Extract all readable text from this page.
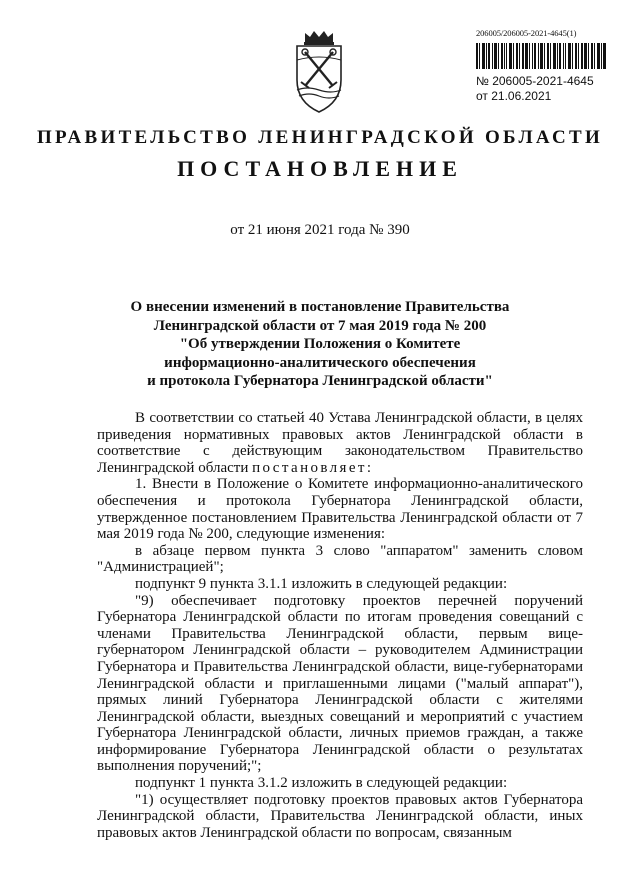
206005/206005-2021-4645(1)
№ 206005-2021-4645
от 21.06.2021
ПРАВИТЕЛЬСТВО ЛЕНИНГРАДСКОЙ ОБЛАСТИ
ПОСТАНОВЛЕНИЕ
от 21 июня 2021 года № 390
О внесении изменений в постановление Правительства
Ленинградской области от 7 мая 2019 года № 200
"Об утверждении Положения о Комитете
информационно-аналитического обеспечения
и протокола Губернатора Ленинградской области"

В соответствии со статьей 40 Устава Ленинградской области, в целях приведения нормативных правовых актов Ленинградской области в соответствие с действующим законодательством Правительство Ленинградской области постановляет:

1. Внести в Положение о Комитете информационно-аналитического обеспечения и протокола Губернатора Ленинградской области, утвержденное постановлением Правительства Ленинградской области от 7 мая 2019 года № 200, следующие изменения:

в абзаце первом пункта 3 слово "аппаратом" заменить словом "Администрацией";

подпункт 9 пункта 3.1.1 изложить в следующей редакции:

"9) обеспечивает подготовку проектов перечней поручений Губернатора Ленинградской области по итогам проведения совещаний с членами Правительства Ленинградской области, первым вице-губернатором Ленинградской области – руководителем Администрации Губернатора и Правительства Ленинградской области, вице-губернаторами Ленинградской области и приглашенными лицами ("малый аппарат"), прямых линий Губернатора Ленинградской области с жителями Ленинградской области, выездных совещаний и мероприятий с участием Губернатора Ленинградской области, личных приемов граждан, а также информирование Губернатора Ленинградской области о результатах выполнения поручений;";

подпункт 1 пункта 3.1.2 изложить в следующей редакции:

"1) осуществляет подготовку проектов правовых актов Губернатора Ленинградской области, Правительства Ленинградской области, иных правовых актов Ленинградской области по вопросам, связанным
